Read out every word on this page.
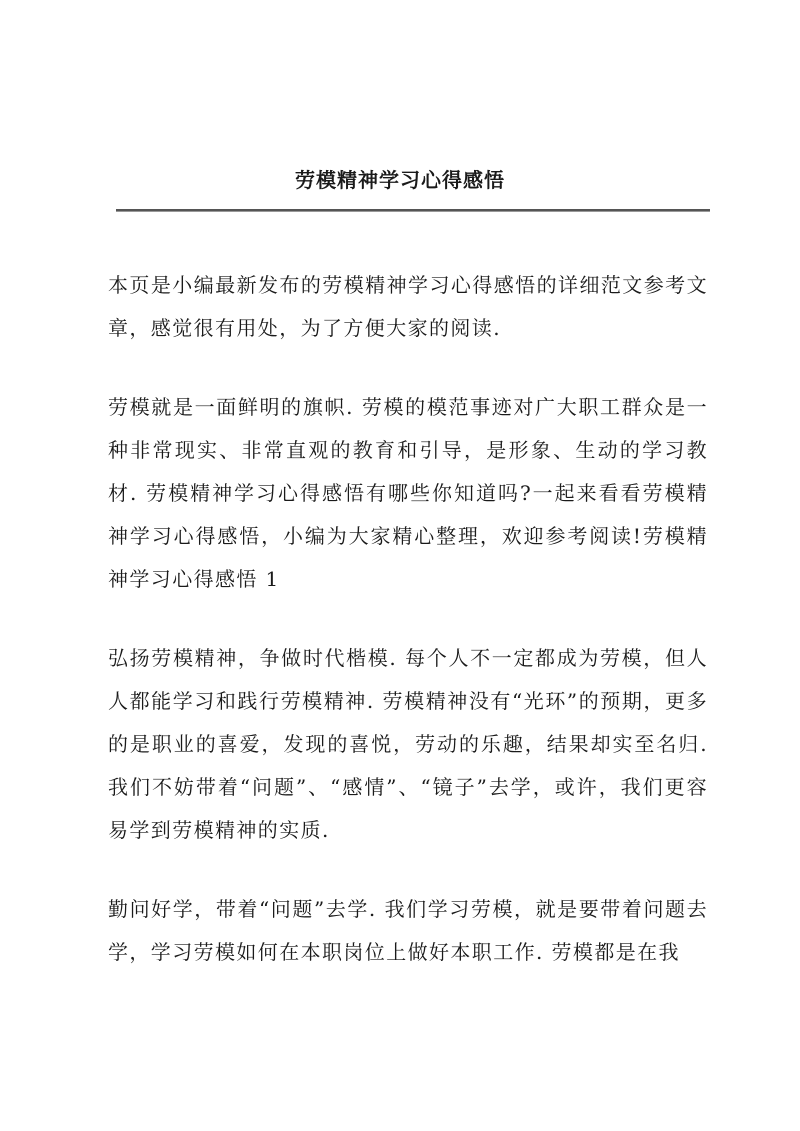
劳模精神学习心得感悟

本页是小编最新发布的劳模精神学习心得感悟的详细范文参考文章，感觉很有用处，为了方便大家的阅读.

劳模就是一面鲜明的旗帜. 劳模的模范事迹对广大职工群众是一种非常现实、非常直观的教育和引导，是形象、生动的学习教材. 劳模精神学习心得感悟有哪些你知道吗?一起来看看劳模精神学习心得感悟，小编为大家精心整理，欢迎参考阅读!劳模精神学习心得感悟 1

弘扬劳模精神，争做时代楷模. 每个人不一定都成为劳模，但人人都能学习和践行劳模精神. 劳模精神没有“光环”的预期，更多的是职业的喜爱，发现的喜悦，劳动的乐趣，结果却实至名归. 我们不妨带着“问题”、“感情”、“镜子”去学，或许，我们更容易学到劳模精神的实质.

勤问好学，带着“问题”去学. 我们学习劳模，就是要带着问题去学，学习劳模如何在本职岗位上做好本职工作. 劳模都是在我
